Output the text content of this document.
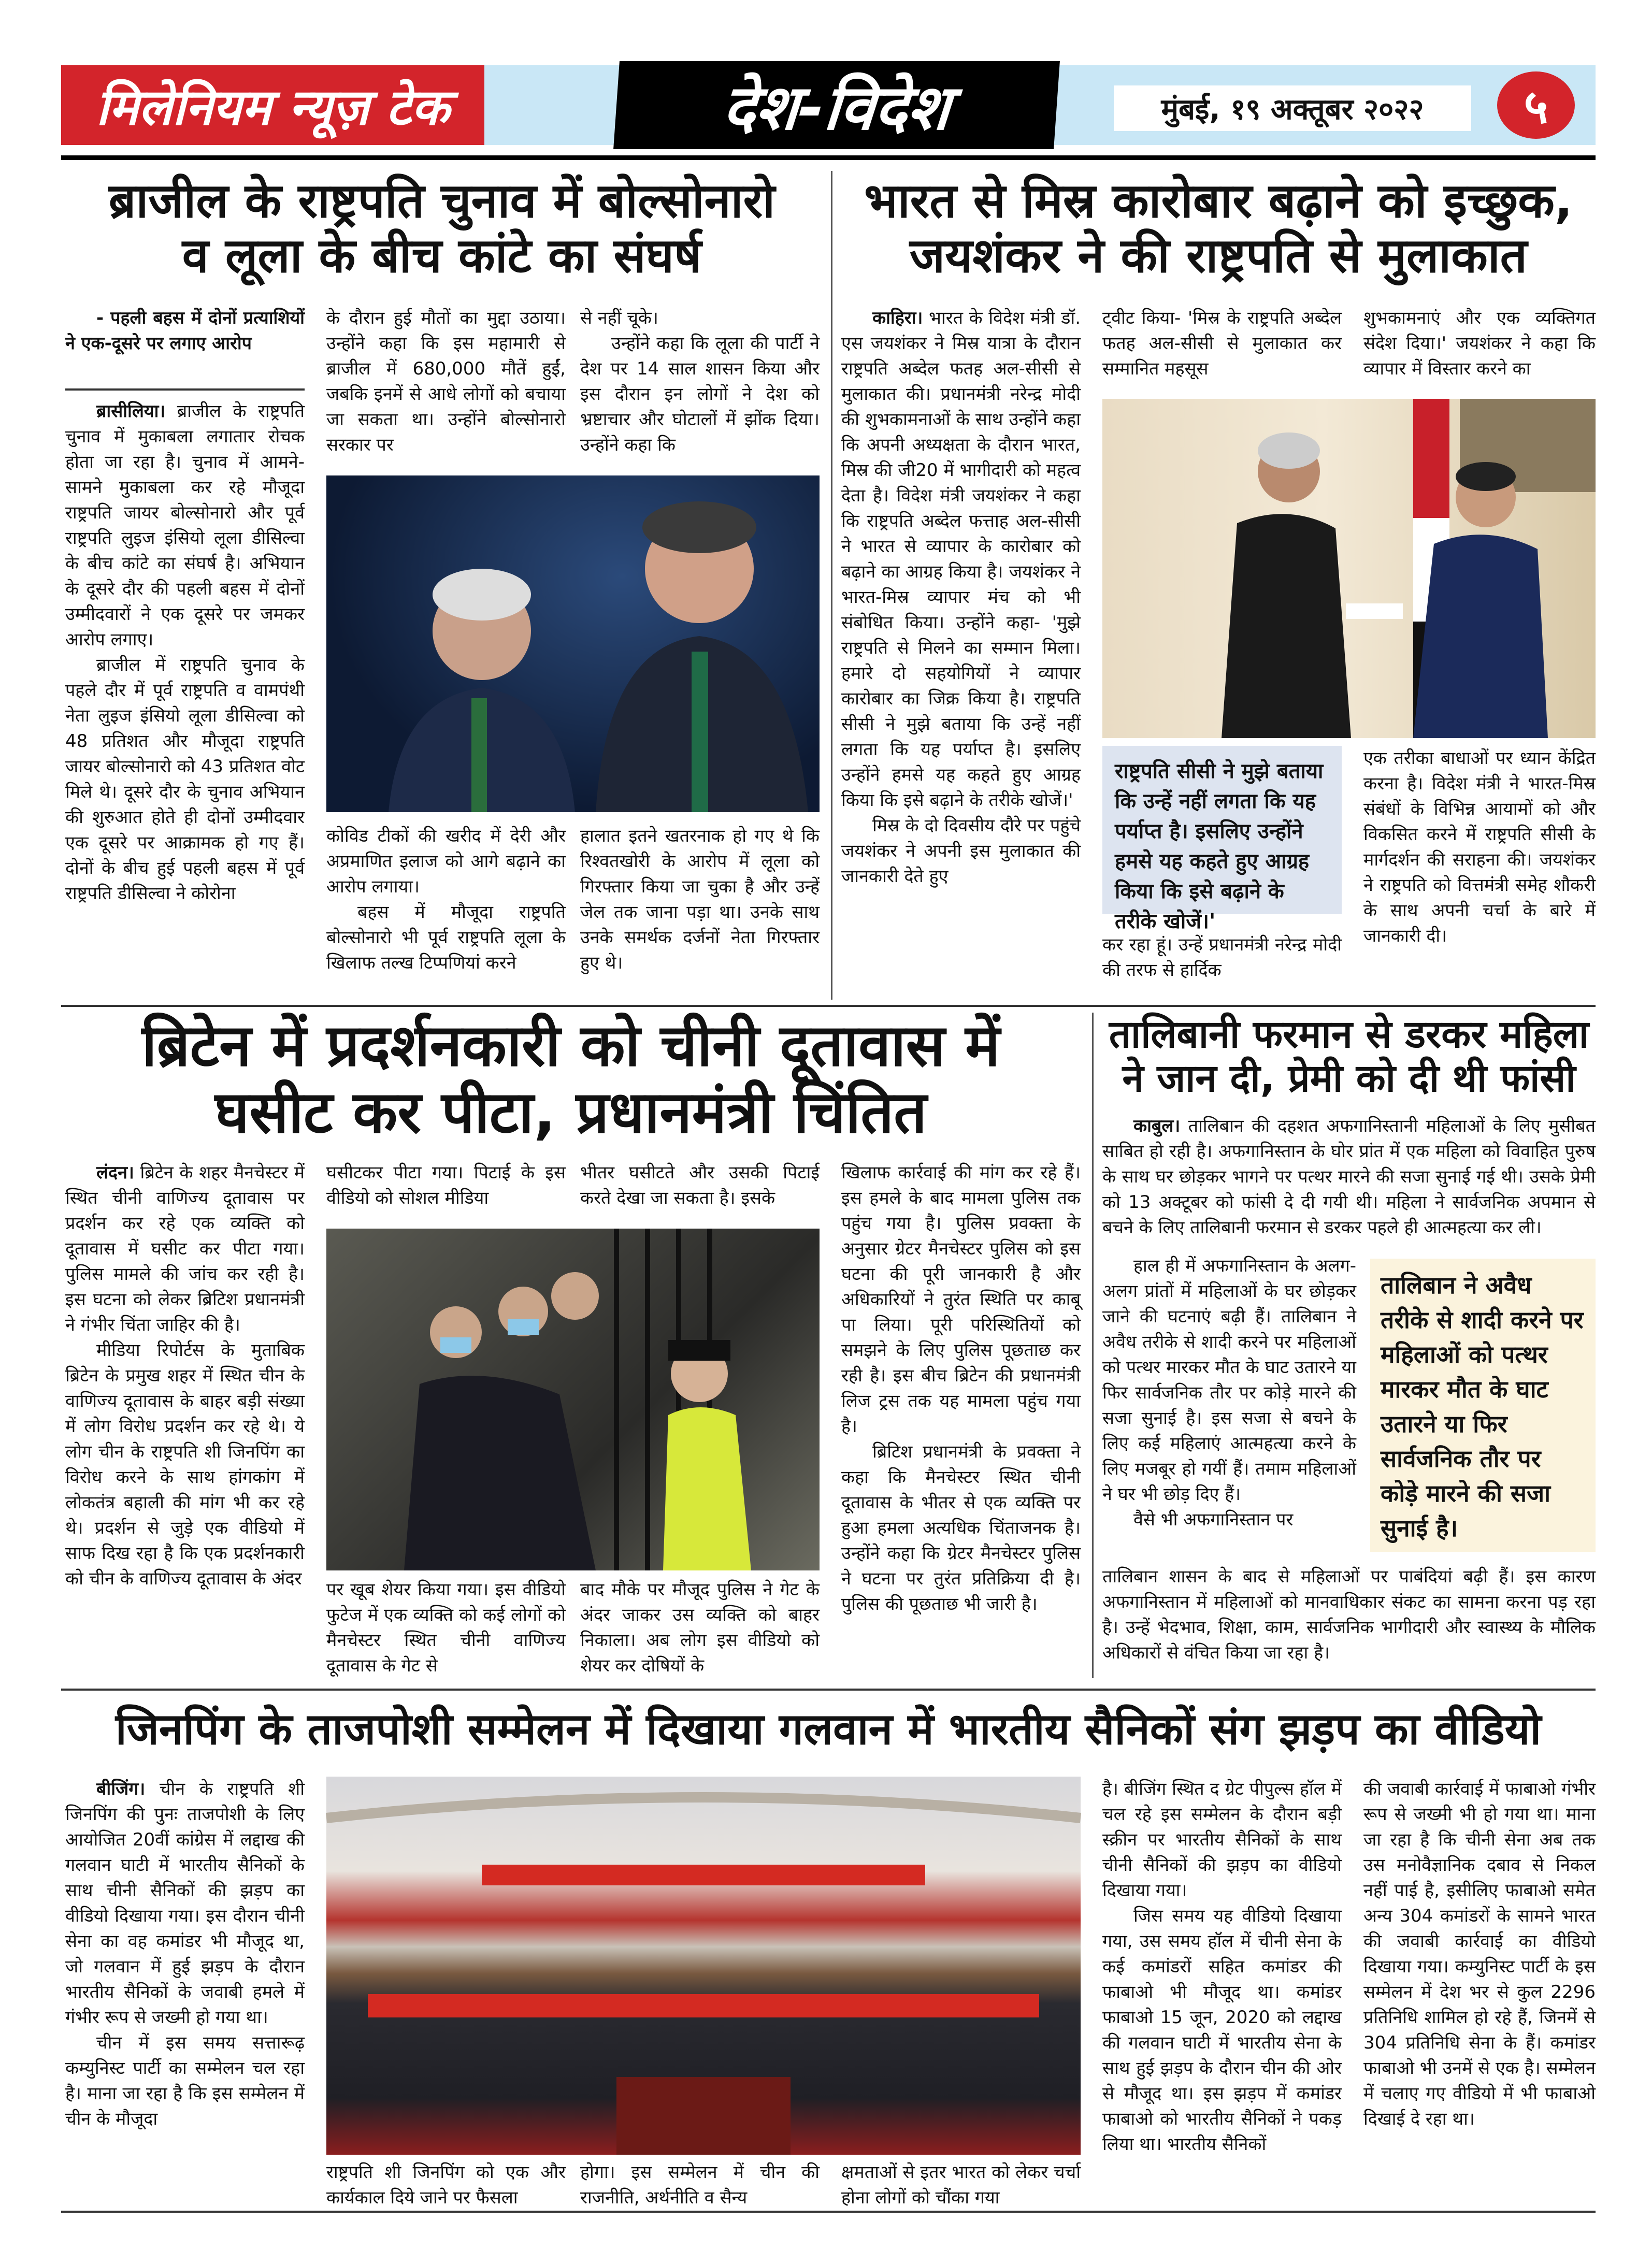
मिलेनियम न्यूज़ टेक	देश-विदेश	मुंबई, १९ अक्तूबर २०२२	५
ब्राजील के राष्ट्रपति चुनाव में बोल्सोनारो
व लूला के बीच कांटे का संघर्ष

- पहली बहस में दोनों प्रत्याशियों ने एक-दूसरे पर लगाए आरोप

ब्रासीलिया। ब्राजील के राष्ट्रपति चुनाव में मुकाबला लगातार रोचक होता जा रहा है। चुनाव में आमने-सामने मुकाबला कर रहे मौजूदा राष्ट्रपति जायर बोल्सोनारो और पूर्व राष्ट्रपति लुइज इंसियो लूला डीसिल्वा के बीच कांटे का संघर्ष है। अभियान के दूसरे दौर की पहली बहस में दोनों उम्मीदवारों ने एक दूसरे पर जमकर आरोप लगाए।

ब्राजील में राष्ट्रपति चुनाव के पहले दौर में पूर्व राष्ट्रपति व वामपंथी नेता लुइज इंसियो लूला डीसिल्वा को 48 प्रतिशत और मौजूदा राष्ट्रपति जायर बोल्सोनारो को 43 प्रतिशत वोट मिले थे। दूसरे दौर के चुनाव अभियान की शुरुआत होते ही दोनों उम्मीदवार एक दूसरे पर आक्रामक हो गए हैं। दोनों के बीच हुई पहली बहस में पूर्व राष्ट्रपति डीसिल्वा ने कोरोना

के दौरान हुई मौतों का मुद्दा उठाया। उन्होंने कहा कि इस महामारी से ब्राजील में 680,000 मौतें हुईं, जबकि इनमें से आधे लोगों को बचाया जा सकता था। उन्होंने बोल्सोनारो सरकार पर

से नहीं चूके।

उन्होंने कहा कि लूला की पार्टी ने देश पर 14 साल शासन किया और इस दौरान इन लोगों ने देश को भ्रष्टाचार और घोटालों में झोंक दिया। उन्होंने कहा कि

कोविड टीकों की खरीद में देरी और अप्रमाणित इलाज को आगे बढ़ाने का आरोप लगाया।

बहस में मौजूदा राष्ट्रपति बोल्सोनारो भी पूर्व राष्ट्रपति लूला के खिलाफ तल्ख टिप्पणियां करने

हालात इतने खतरनाक हो गए थे कि रिश्वतखोरी के आरोप में लूला को गिरफ्तार किया जा चुका है और उन्हें जेल तक जाना पड़ा था। उनके साथ उनके समर्थक दर्जनों नेता गिरफ्तार हुए थे।

भारत से मिस्र कारोबार बढ़ाने को इच्छुक,
जयशंकर ने की राष्ट्रपति से मुलाकात

काहिरा। भारत के विदेश मंत्री डॉ. एस जयशंकर ने मिस्र यात्रा के दौरान राष्ट्रपति अब्देल फतह अल-सीसी से मुलाकात की। प्रधानमंत्री नरेन्द्र मोदी की शुभकामनाओं के साथ उन्होंने कहा कि अपनी अध्यक्षता के दौरान भारत, मिस्र की जी20 में भागीदारी को महत्व देता है। विदेश मंत्री जयशंकर ने कहा कि राष्ट्रपति अब्देल फत्ताह अल-सीसी ने भारत से व्यापार के कारोबार को बढ़ाने का आग्रह किया है। जयशंकर ने भारत-मिस्र व्यापार मंच को भी संबोधित किया। उन्होंने कहा- 'मुझे राष्ट्रपति से मिलने का सम्मान मिला। हमारे दो सहयोगियों ने व्यापार कारोबार का जिक्र किया है। राष्ट्रपति सीसी ने मुझे बताया कि उन्हें नहीं लगता कि यह पर्याप्त है। इसलिए उन्होंने हमसे यह कहते हुए आग्रह किया कि इसे बढ़ाने के तरीके खोजें।'

मिस्र के दो दिवसीय दौरे पर पहुंचे जयशंकर ने अपनी इस मुलाकात की जानकारी देते हुए

ट्वीट किया- 'मिस्र के राष्ट्रपति अब्देल फतह अल-सीसी से मुलाकात कर सम्मानित महसूस

शुभकामनाएं और एक व्यक्तिगत संदेश दिया।' जयशंकर ने कहा कि व्यापार में विस्तार करने का

राष्ट्रपति सीसी ने मुझे बताया कि उन्हें नहीं लगता कि यह पर्याप्त है। इसलिए उन्होंने हमसे यह कहते हुए आग्रह किया कि इसे बढ़ाने के तरीके खोजें।'

कर रहा हूं। उन्हें प्रधानमंत्री नरेन्द्र मोदी की तरफ से हार्दिक

एक तरीका बाधाओं पर ध्यान केंद्रित करना है। विदेश मंत्री ने भारत-मिस्र संबंधों के विभिन्न आयामों को और विकसित करने में राष्ट्रपति सीसी के मार्गदर्शन की सराहना की। जयशंकर ने राष्ट्रपति को वित्तमंत्री समेह शौकरी के साथ अपनी चर्चा के बारे में जानकारी दी।

ब्रिटेन में प्रदर्शनकारी को चीनी दूतावास में
घसीट कर पीटा, प्रधानमंत्री चिंतित

लंदन। ब्रिटेन के शहर मैनचेस्टर में स्थित चीनी वाणिज्य दूतावास पर प्रदर्शन कर रहे एक व्यक्ति को दूतावास में घसीट कर पीटा गया। पुलिस मामले की जांच कर रही है। इस घटना को लेकर ब्रिटिश प्रधानमंत्री ने गंभीर चिंता जाहिर की है।

मीडिया रिपोर्टस के मुताबिक ब्रिटेन के प्रमुख शहर में स्थित चीन के वाणिज्य दूतावास के बाहर बड़ी संख्या में लोग विरोध प्रदर्शन कर रहे थे। ये लोग चीन के राष्ट्रपति शी जिनपिंग का विरोध करने के साथ हांगकांग में लोकतंत्र बहाली की मांग भी कर रहे थे। प्रदर्शन से जुड़े एक वीडियो में साफ दिख रहा है कि एक प्रदर्शनकारी को चीन के वाणिज्य दूतावास के अंदर

घसीटकर पीटा गया। पिटाई के इस वीडियो को सोशल मीडिया

भीतर घसीटते और उसकी पिटाई करते देखा जा सकता है। इसके

पर खूब शेयर किया गया। इस वीडियो फुटेज में एक व्यक्ति को कई लोगों को मैनचेस्टर स्थित चीनी वाणिज्य दूतावास के गेट से

बाद मौके पर मौजूद पुलिस ने गेट के अंदर जाकर उस व्यक्ति को बाहर निकाला। अब लोग इस वीडियो को शेयर कर दोषियों के

खिलाफ कार्रवाई की मांग कर रहे हैं। इस हमले के बाद मामला पुलिस तक पहुंच गया है। पुलिस प्रवक्ता के अनुसार ग्रेटर मैनचेस्टर पुलिस को इस घटना की पूरी जानकारी है और अधिकारियों ने तुरंत स्थिति पर काबू पा लिया। पूरी परिस्थितियों को समझने के लिए पुलिस पूछताछ कर रही है। इस बीच ब्रिटेन की प्रधानमंत्री लिज ट्रस तक यह मामला पहुंच गया है।

ब्रिटिश प्रधानमंत्री के प्रवक्ता ने कहा कि मैनचेस्टर स्थित चीनी दूतावास के भीतर से एक व्यक्ति पर हुआ हमला अत्यधिक चिंताजनक है। उन्होंने कहा कि ग्रेटर मैनचेस्टर पुलिस ने घटना पर तुरंत प्रतिक्रिया दी है। पुलिस की पूछताछ भी जारी है।

तालिबानी फरमान से डरकर महिला
ने जान दी, प्रेमी को दी थी फांसी

काबुल। तालिबान की दहशत अफगानिस्तानी महिलाओं के लिए मुसीबत साबित हो रही है। अफगानिस्तान के घोर प्रांत में एक महिला को विवाहित पुरुष के साथ घर छोड़कर भागने पर पत्थर मारने की सजा सुनाई गई थी। उसके प्रेमी को 13 अक्टूबर को फांसी दे दी गयी थी। महिला ने सार्वजनिक अपमान से बचने के लिए तालिबानी फरमान से डरकर पहले ही आत्महत्या कर ली।

हाल ही में अफगानिस्तान के अलग-अलग प्रांतों में महिलाओं के घर छोड़कर जाने की घटनाएं बढ़ी हैं। तालिबान ने अवैध तरीके से शादी करने पर महिलाओं को पत्थर मारकर मौत के घाट उतारने या फिर सार्वजनिक तौर पर कोड़े मारने की सजा सुनाई है। इस सजा से बचने के लिए कई महिलाएं आत्महत्या करने के लिए मजबूर हो गयीं हैं। तमाम महिलाओं ने घर भी छोड़ दिए हैं।

वैसे भी अफगानिस्तान पर

तालिबान ने अवैध तरीके से शादी करने पर महिलाओं को पत्थर मारकर मौत के घाट उतारने या फिर सार्वजनिक तौर पर कोड़े मारने की सजा सुनाई है।

तालिबान शासन के बाद से महिलाओं पर पाबंदियां बढ़ी हैं। इस कारण अफगानिस्तान में महिलाओं को मानवाधिकार संकट का सामना करना पड़ रहा है। उन्हें भेदभाव, शिक्षा, काम, सार्वजनिक भागीदारी और स्वास्थ्य के मौलिक अधिकारों से वंचित किया जा रहा है।

जिनपिंग के ताजपोशी सम्मेलन में दिखाया गलवान में भारतीय सैनिकों संग झड़प का वीडियो

बीजिंग। चीन के राष्ट्रपति शी जिनपिंग की पुनः ताजपोशी के लिए आयोजित 20वीं कांग्रेस में लद्दाख की गलवान घाटी में भारतीय सैनिकों के साथ चीनी सैनिकों की झड़प का वीडियो दिखाया गया। इस दौरान चीनी सेना का वह कमांडर भी मौजूद था, जो गलवान में हुई झड़प के दौरान भारतीय सैनिकों के जवाबी हमले में गंभीर रूप से जख्मी हो गया था।

चीन में इस समय सत्तारूढ़ कम्युनिस्ट पार्टी का सम्मेलन चल रहा है। माना जा रहा है कि इस सम्मेलन में चीन के मौजूदा

राष्ट्रपति शी जिनपिंग को एक और कार्यकाल दिये जाने पर फैसला

होगा। इस सम्मेलन में चीन की राजनीति, अर्थनीति व सैन्य

क्षमताओं से इतर भारत को लेकर चर्चा होना लोगों को चौंका गया

है। बीजिंग स्थित द ग्रेट पीपुल्स हॉल में चल रहे इस सम्मेलन के दौरान बड़ी स्क्रीन पर भारतीय सैनिकों के साथ चीनी सैनिकों की झड़प का वीडियो दिखाया गया।

जिस समय यह वीडियो दिखाया गया, उस समय हॉल में चीनी सेना के कई कमांडरों सहित कमांडर की फाबाओ भी मौजूद था। कमांडर फाबाओ 15 जून, 2020 को लद्दाख की गलवान घाटी में भारतीय सेना के साथ हुई झड़प के दौरान चीन की ओर से मौजूद था। इस झड़प में कमांडर फाबाओ को भारतीय सैनिकों ने पकड़ लिया था। भारतीय सैनिकों

की जवाबी कार्रवाई में फाबाओ गंभीर रूप से जख्मी भी हो गया था। माना जा रहा है कि चीनी सेना अब तक उस मनोवैज्ञानिक दबाव से निकल नहीं पाई है, इसीलिए फाबाओ समेत अन्य 304 कमांडरों के सामने भारत की जवाबी कार्रवाई का वीडियो दिखाया गया। कम्युनिस्ट पार्टी के इस सम्मेलन में देश भर से कुल 2296 प्रतिनिधि शामिल हो रहे हैं, जिनमें से 304 प्रतिनिधि सेना के हैं। कमांडर फाबाओ भी उनमें से एक है। सम्मेलन में चलाए गए वीडियो में भी फाबाओ दिखाई दे रहा था।
